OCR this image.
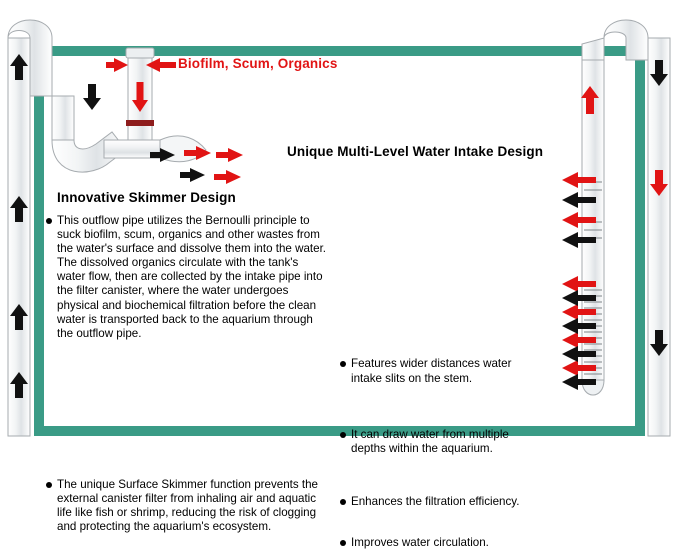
Biofilm, Scum, Organics
Innovative Skimmer Design
This outflow pipe utilizes the Bernoulli principle to suck biofilm, scum, organics and other wastes from the water's surface and dissolve them into the water. The dissolved organics circulate with the tank's water flow, then are collected by the intake pipe into the filter canister, where the water undergoes physical and biochemical filtration before the clean water is transported back to the aquarium through the outflow pipe.
The unique Surface Skimmer function prevents the external canister filter from inhaling air and aquatic life like fish or shrimp, reducing the risk of clogging and protecting the aquarium's ecosystem.
Unique Multi-Level Water Intake Design
Features wider distances water intake slits on the stem.
It can draw water from multiple depths within the aquarium.
Enhances the filtration efficiency.
Improves water circulation.
